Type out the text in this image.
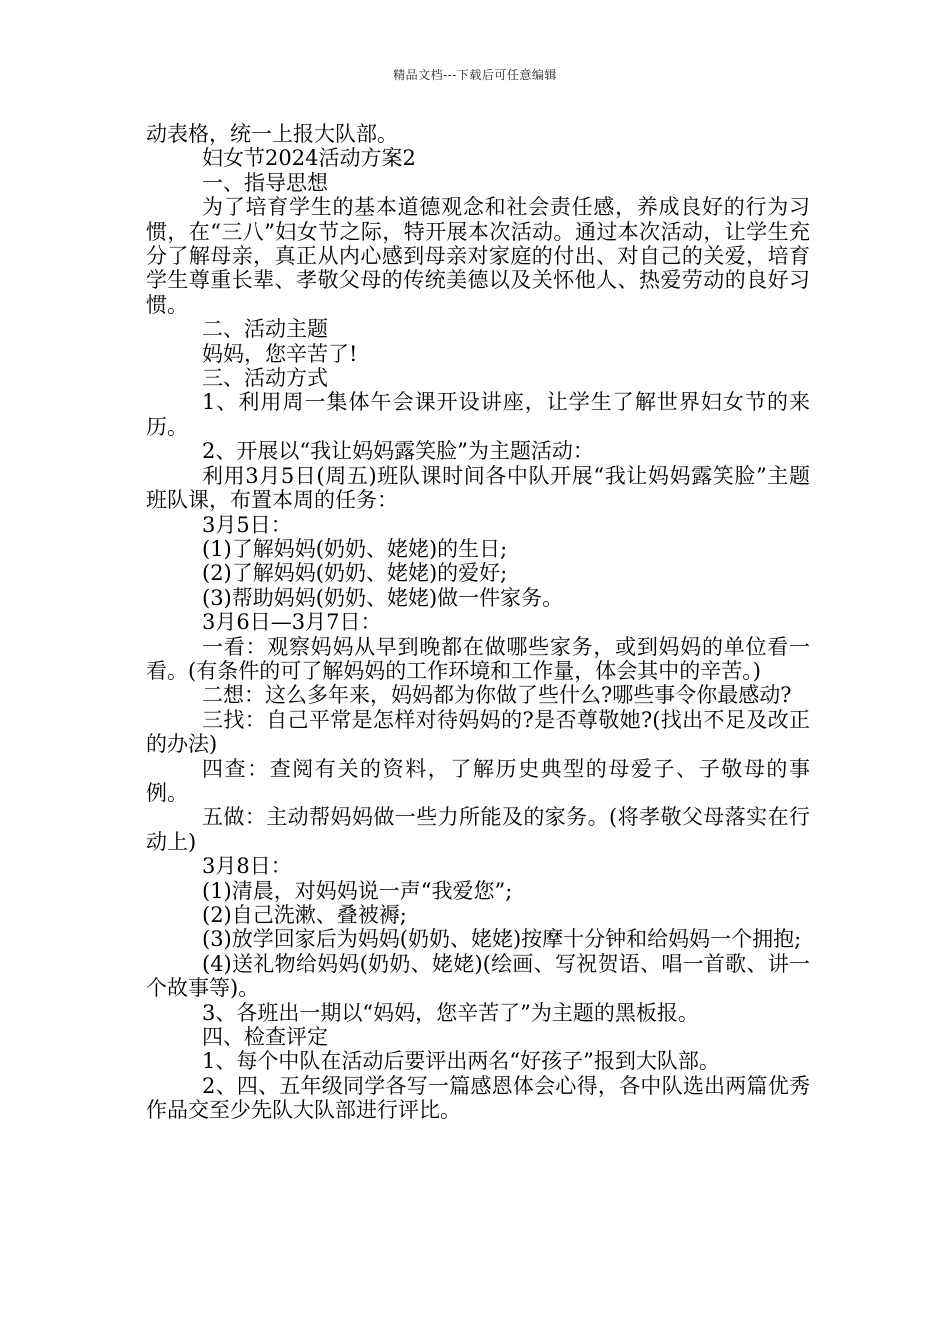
精品文档---下载后可任意编辑

动表格，统一上报大队部。

妇女节2024活动方案2

一、指导思想

为了培育学生的基本道德观念和社会责任感，养成良好的行为习惯，在“三八”妇女节之际，特开展本次活动。通过本次活动，让学生充分了解母亲，真正从内心感到母亲对家庭的付出、对自己的关爱，培育学生尊重长辈、孝敬父母的传统美德以及关怀他人、热爱劳动的良好习惯。

二、活动主题

妈妈，您辛苦了!

三、活动方式

1、利用周一集体午会课开设讲座，让学生了解世界妇女节的来历。

2、开展以“我让妈妈露笑脸”为主题活动：

利用3月5日(周五)班队课时间各中队开展“我让妈妈露笑脸”主题班队课，布置本周的任务：

3月5日：

(1)了解妈妈(奶奶、姥姥)的生日;

(2)了解妈妈(奶奶、姥姥)的爱好;

(3)帮助妈妈(奶奶、姥姥)做一件家务。

3月6日—3月7日：

一看：观察妈妈从早到晚都在做哪些家务，或到妈妈的单位看一看。(有条件的可了解妈妈的工作环境和工作量，体会其中的辛苦。)

二想：这么多年来，妈妈都为你做了些什么?哪些事令你最感动?

三找：自己平常是怎样对待妈妈的?是否尊敬她?(找出不足及改正的办法)

四查：查阅有关的资料，了解历史典型的母爱子、子敬母的事例。

五做：主动帮妈妈做一些力所能及的家务。(将孝敬父母落实在行动上)

3月8日：

(1)清晨，对妈妈说一声“我爱您”;

(2)自己洗漱、叠被褥;

(3)放学回家后为妈妈(奶奶、姥姥)按摩十分钟和给妈妈一个拥抱;

(4)送礼物给妈妈(奶奶、姥姥)(绘画、写祝贺语、唱一首歌、讲一个故事等)。

3、各班出一期以“妈妈，您辛苦了”为主题的黑板报。

四、检查评定

1、每个中队在活动后要评出两名“好孩子”报到大队部。

2、四、五年级同学各写一篇感恩体会心得，各中队选出两篇优秀作品交至少先队大队部进行评比。
